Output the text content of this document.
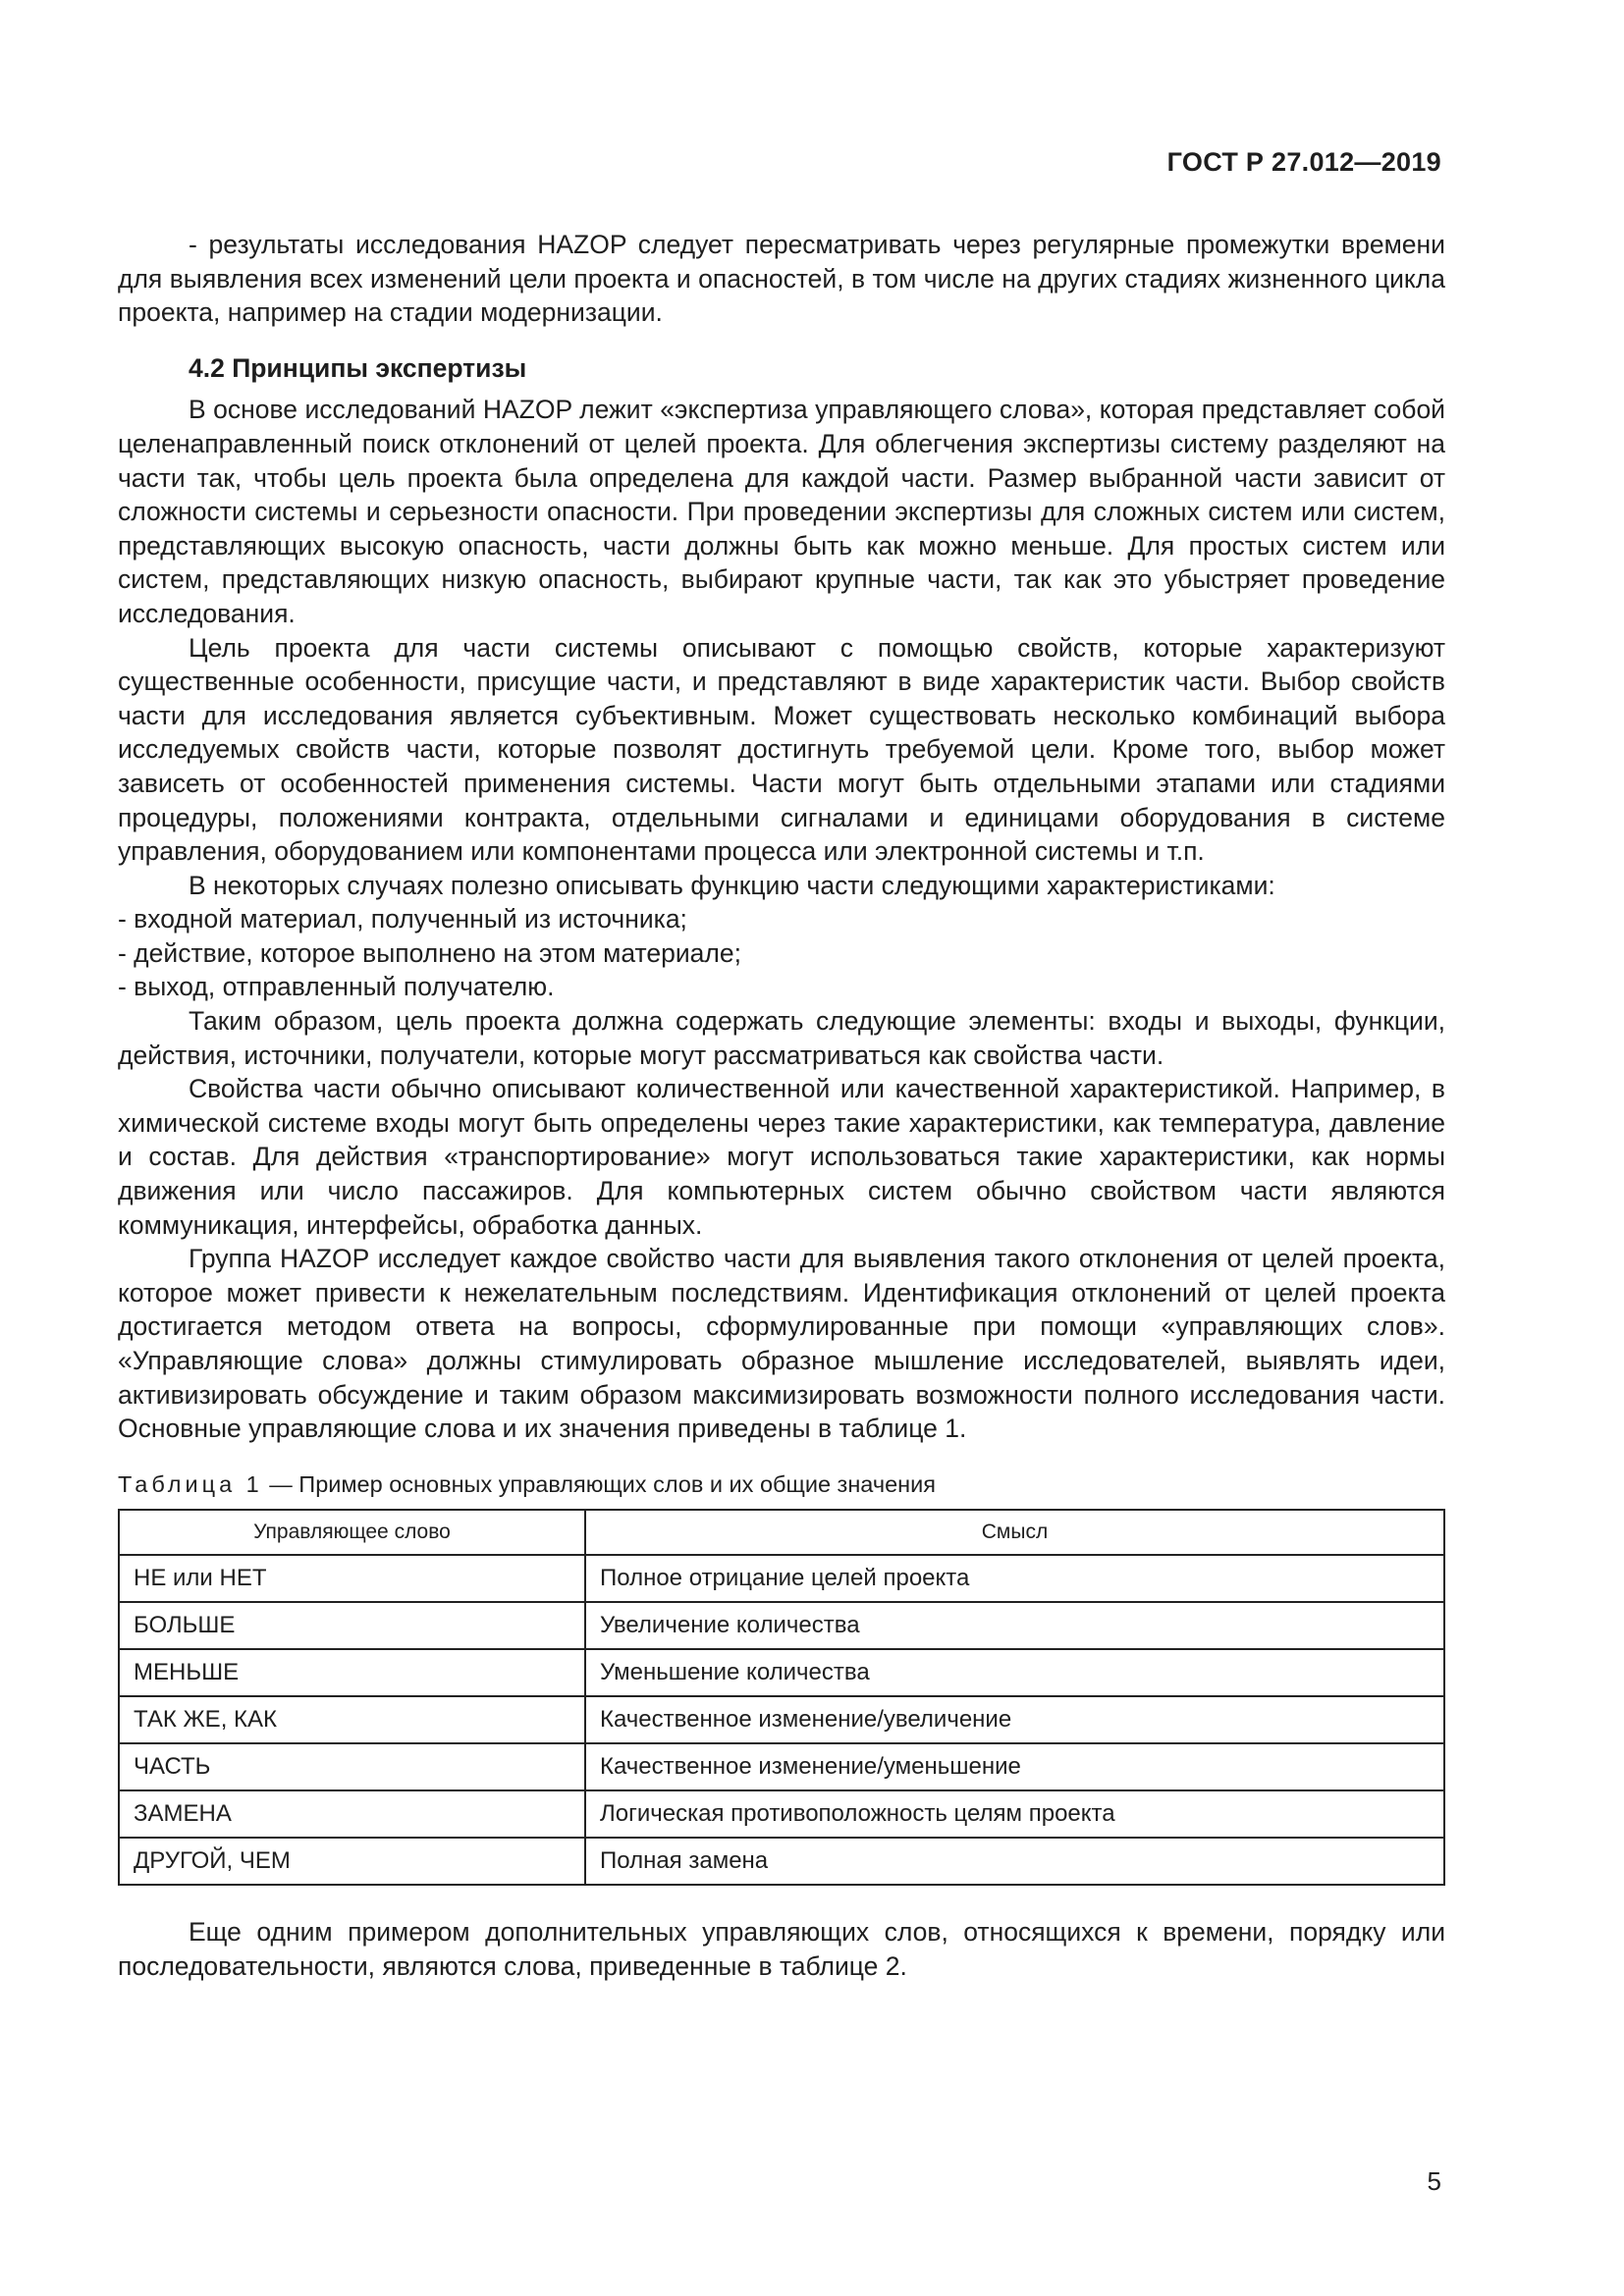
ГОСТ Р 27.012—2019

- результаты исследования HAZOP следует пересматривать через регулярные промежутки времени для выявления всех изменений цели проекта и опасностей, в том числе на других стадиях жизненного цикла проекта, например на стадии модернизации.

4.2 Принципы экспертизы

В основе исследований HAZOP лежит «экспертиза управляющего слова», которая представляет собой целенаправленный поиск отклонений от целей проекта. Для облегчения экспертизы систему разделяют на части так, чтобы цель проекта была определена для каждой части. Размер выбранной части зависит от сложности системы и серьезности опасности. При проведении экспертизы для сложных систем или систем, представляющих высокую опасность, части должны быть как можно меньше. Для простых систем или систем, представляющих низкую опасность, выбирают крупные части, так как это убыстряет проведение исследования.

Цель проекта для части системы описывают с помощью свойств, которые характеризуют существенные особенности, присущие части, и представляют в виде характеристик части. Выбор свойств части для исследования является субъективным. Может существовать несколько комбинаций выбора исследуемых свойств части, которые позволят достигнуть требуемой цели. Кроме того, выбор может зависеть от особенностей применения системы. Части могут быть отдельными этапами или стадиями процедуры, положениями контракта, отдельными сигналами и единицами оборудования в системе управления, оборудованием или компонентами процесса или электронной системы и т.п.

В некоторых случаях полезно описывать функцию части следующими характеристиками:

- входной материал, полученный из источника;

- действие, которое выполнено на этом материале;

- выход, отправленный получателю.

Таким образом, цель проекта должна содержать следующие элементы: входы и выходы, функции, действия, источники, получатели, которые могут рассматриваться как свойства части.

Свойства части обычно описывают количественной или качественной характеристикой. Например, в химической системе входы могут быть определены через такие характеристики, как температура, давление и состав. Для действия «транспортирование» могут использоваться такие характеристики, как нормы движения или число пассажиров. Для компьютерных систем обычно свойством части являются коммуникация, интерфейсы, обработка данных.

Группа HAZOP исследует каждое свойство части для выявления такого отклонения от целей проекта, которое может привести к нежелательным последствиям. Идентификация отклонений от целей проекта достигается методом ответа на вопросы, сформулированные при помощи «управляющих слов». «Управляющие слова» должны стимулировать образное мышление исследователей, выявлять идеи, активизировать обсуждение и таким образом максимизировать возможности полного исследования части. Основные управляющие слова и их значения приведены в таблице 1.

Таблица 1 — Пример основных управляющих слов и их общие значения
Управляющее слово	Смысл
НЕ или НЕТ	Полное отрицание целей проекта
БОЛЬШЕ	Увеличение количества
МЕНЬШЕ	Уменьшение количества
ТАК ЖЕ, КАК	Качественное изменение/увеличение
ЧАСТЬ	Качественное изменение/уменьшение
ЗАМЕНА	Логическая противоположность целям проекта
ДРУГОЙ, ЧЕМ	Полная замена

Еще одним примером дополнительных управляющих слов, относящихся к времени, порядку или последовательности, являются слова, приведенные в таблице 2.

5
